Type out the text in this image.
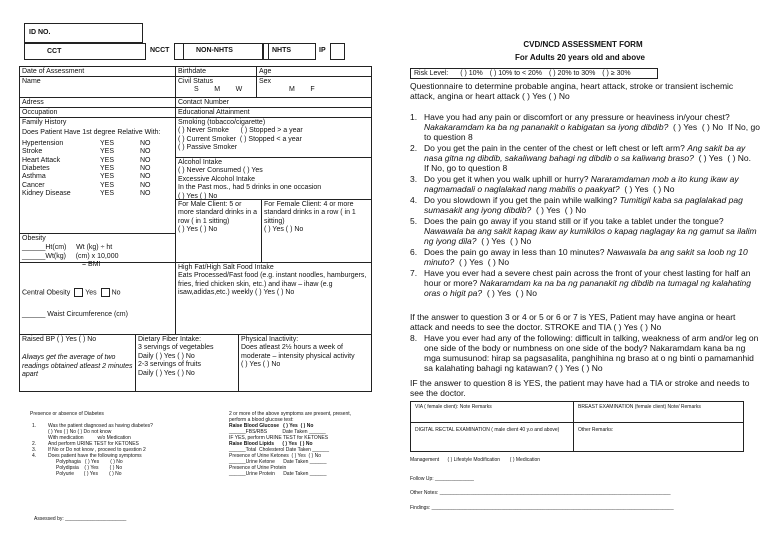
ID NO.
CCT	NCCT	NON-NHTS	NHTS	IP
CVD/NCD ASSESSMENT FORM
For Adults 20 years old and above
Date of Assessment	Birthdate	Age
Name	Civil Status
S        M        W
Sex
M        F
Adress	Contact Number
Occupation	Educational Attainment
Family History
Does Patient Have 1st degree Relative With:
Hypertension	YES	NO
Stroke	YES	NO
Heart Attack	YES	NO
Diabetes	YES	NO
Asthma	YES	NO
Cancer	YES	NO
Kidney Disease	YES	NO
Smoking (tobacco/cigarette)
( ) Never Smoke      ( ) Stopped > a year
( ) Current Smoker  ( ) Stopped < a year
( ) Passive Smoker
Alcohol Intake
( ) Never Consumed ( ) Yes
Excessive Alcohol Intake
In the Past mos., had 5 drinks in one occasion
( ) Yes ( ) No
For Male Client: 5 or more standard drinks in a row ( in 1 sitting)
( ) Yes ( ) No
For Female Client: 4 or more standard drinks in a row ( in 1 sitting)
( ) Yes ( ) No
Obesity
______Ht(cm)     Wt (kg) ÷ ht
______Wt(kg)     (cm) x 10,000
= BMI
Central Obesity Yes No
______ Waist Circumference (cm)
High Fat/High Salt Food Intake
Eats Processed/Fast food (e.g. instant noodles, hamburgers, fries, fried chicken skin, etc.) and ihaw – ihaw (e.g isaw,adidas,etc.) weekly ( ) Yes ( ) No
Raised BP ( ) Yes ( ) No
Always get the average of two readings obtained atleast 2 minutes apart
Dietary Fiber Intake:
3 servings of vegetables
Daily ( ) Yes ( ) No
2-3 servings of fruits
Daily ( ) Yes ( ) No
Physical Inactivity:
Does atleast 2½ hours a week of moderate – intensity physical activity
( ) Yes ( ) No
Presence or absence of Diabetes
1. Was the patient diagnosed as having diabetes?
( ) Yes ( ) No ( ) Do not know
With medication          w/o Medication
2. And perform URINE TEST for KETONES
3. If No or Do not know , proceed to question 2
4. Does patient have the following symptoms
Polyphagia   ( ) Yes        ( ) No
Polydipsia    ( ) Yes        ( ) No
Polyurie       ( ) Yes        ( ) No
Assessed by: ______________________
2 or more of the above symptoms are present, present, perform a blood glucose test:
Raise Blood Glucose   ( ) Yes  ( ) No
______FBS/RBS           Date Taken ______
IF YES, perform URINE TEST for KETONES
Raise Blood Lipids      ( ) Yes  ( ) No
______Total  Cholesterol Date Taken ______
Presence of Urine Ketones  ( ) Yes  ( ) No
______Urine Ketone      Date Taken ______
Presence of Urine Protein
______Urine Protein      Date Taken ______
Risk Level: ( ) 10% ( ) 10% to < 20% ( ) 20% to 30% ( ) ≥ 30%
Questionnaire to determine probable angina, heart attack, stroke or transient ischemic attack, angina or heart attack ( ) Yes ( ) No
1. Have you had any pain or discomfort or any pressure or heaviness in/your chest? Nakakaramdam ka ba ng pananakit o kabigatan sa iyong dibdib?  ( ) Yes  ( ) No  If No, go to question 8
2. Do you get the pain in the center of the chest or left chest or left arm? Ang sakit ba ay nasa gitna ng dibdib, sakaliwang bahagi ng dibdib o sa kaliwang braso?  ( ) Yes  ( ) No.  If No, go to question 8
3. Do you get it when you walk uphill or hurry? Nararamdaman mob a ito kung ikaw ay nagmamadali o naglalakad nang mabilis o paakyat?  ( ) Yes  ( ) No
4. Do you slowdown if you get the pain while walking? Tumitigil kaba sa paglalakad pag sumasakit ang iyong dibdib?  ( ) Yes  ( ) No
5. Does the pain go away if you stand still or if you take a tablet under the tongue? Nawawala ba ang sakit kapag ikaw ay kumikilos o kapag naglagay ka ng gamut sa ilalim ng iyong dila?  ( ) Yes  ( ) No
6. Does the pain go away in less than 10 minutes? Nawawala ba ang sakit sa loob ng 10 minuto?  ( ) Yes  ( ) No
7. Have you ever had a severe chest pain across the front of your chest lasting for half an hour or more? Nakaramdam ka na ba ng pananakit ng dibdib na tumagal ng kalahating oras o higit pa?  ( ) Yes  ( ) No
If the answer to question 3 or 4 or 5 or 6 or 7 is YES, Patient may have angina or heart attack and needs to see the doctor. STROKE and TIA ( ) Yes ( ) No
8. Have you ever had any of the following: difficult in talking, weakness of arm and/or leg on one side of the body or numbness on one side of the body? Nakaramdam kana ba ng mga sumusunod: hirap sa pagsasalita, panghihina ng braso at o ng binti o pamamanhid sa kalahating bahagi ng katawan? ( ) Yes ( ) No
IF the answer to question 8 is YES, the patient may have had a TIA or stroke and needs to see the doctor.
VIA ( female client): Note Remarks	BREAST EXAMINATION (female client) Note/ Remarks
DIGITAL RECTAL EXAMINATION ( male client 40 y.o and above)	Other Remarks:
Management      ( ) Lifestyle Modification       ( ) Medication
Follow Up: ______________
Other Notes: ___________________________________________________________________________________
Findings: _______________________________________________________________________________________
